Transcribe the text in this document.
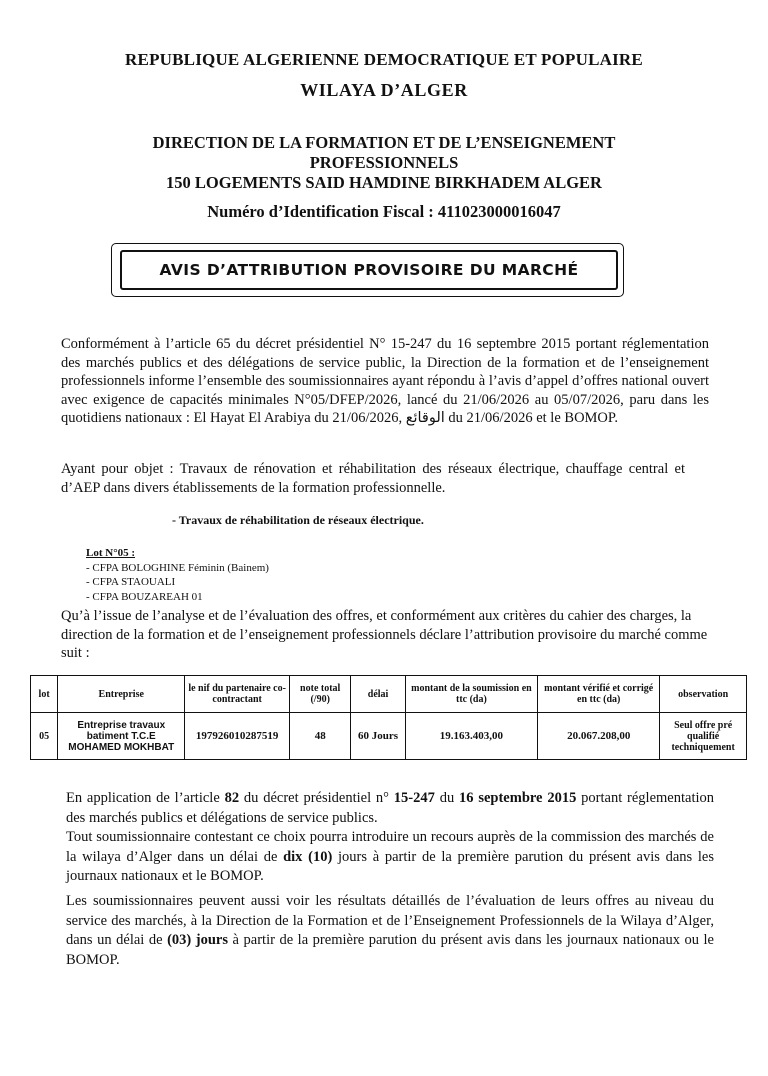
REPUBLIQUE ALGERIENNE DEMOCRATIQUE ET POPULAIRE
WILAYA D’ALGER
DIRECTION DE LA FORMATION ET DE L’ENSEIGNEMENT
PROFESSIONNELS
150 LOGEMENTS SAID HAMDINE BIRKHADEM ALGER
Numéro d’Identification Fiscal : 411023000016047
AVIS D’ATTRIBUTION PROVISOIRE DU MARCHÉ
Conformément à l’article 65 du décret présidentiel N° 15-247 du 16 septembre 2015 portant réglementation des marchés publics et des délégations de service public, la Direction de la formation et de l’enseignement professionnels informe l’ensemble des soumissionnaires ayant répondu à l’avis d’appel d’offres national ouvert avec exigence de capacités minimales N°05/DFEP/2026, lancé du 21/06/2026 au 05/07/2026, paru dans les quotidiens nationaux : El Hayat El Arabiya du 21/06/2026, الوقائع du 21/06/2026 et le BOMOP.
Ayant pour objet : Travaux de rénovation et réhabilitation des réseaux électrique, chauffage central et d’AEP dans divers établissements de la formation professionnelle.
- Travaux de réhabilitation de réseaux électrique.
Lot N°05 :
- CFPA BOLOGHINE Féminin (Bainem)
- CFPA STAOUALI
- CFPA BOUZAREAH 01
Qu’à l’issue de l’analyse et de l’évaluation des offres, et conformément aux critères du cahier des charges, la direction de la formation et de l’enseignement professionnels déclare l’attribution provisoire du marché comme suit :
lot	Entreprise	le nif du partenaire co-contractant	note total (/90)	délai	montant de la soumission en ttc (da)	montant vérifié et corrigé en ttc (da)	observation
05	Entreprise travaux batiment T.C.E MOHAMED MOKHBAT	197926010287519	48	60 Jours	19.163.403,00	20.067.208,00	Seul offre pré qualifié techniquement
En application de l’article 82 du décret présidentiel n° 15-247 du 16 septembre 2015 portant réglementation des marchés publics et délégations de service publics.
Tout soumissionnaire contestant ce choix pourra introduire un recours auprès de la commission des marchés de la wilaya d’Alger dans un délai de dix (10) jours à partir de la premiѐre parution du présent avis dans les journaux nationaux et le BOMOP.
Les soumissionnaires peuvent aussi voir les résultats détaillés de l’évaluation de leurs offres au niveau du service des marchés, à la Direction de la Formation et de l’Enseignement Professionnels de la Wilaya d’Alger, dans un délai de (03) jours à partir de la premiѐre parution du présent avis dans les journaux nationaux ou le BOMOP.
